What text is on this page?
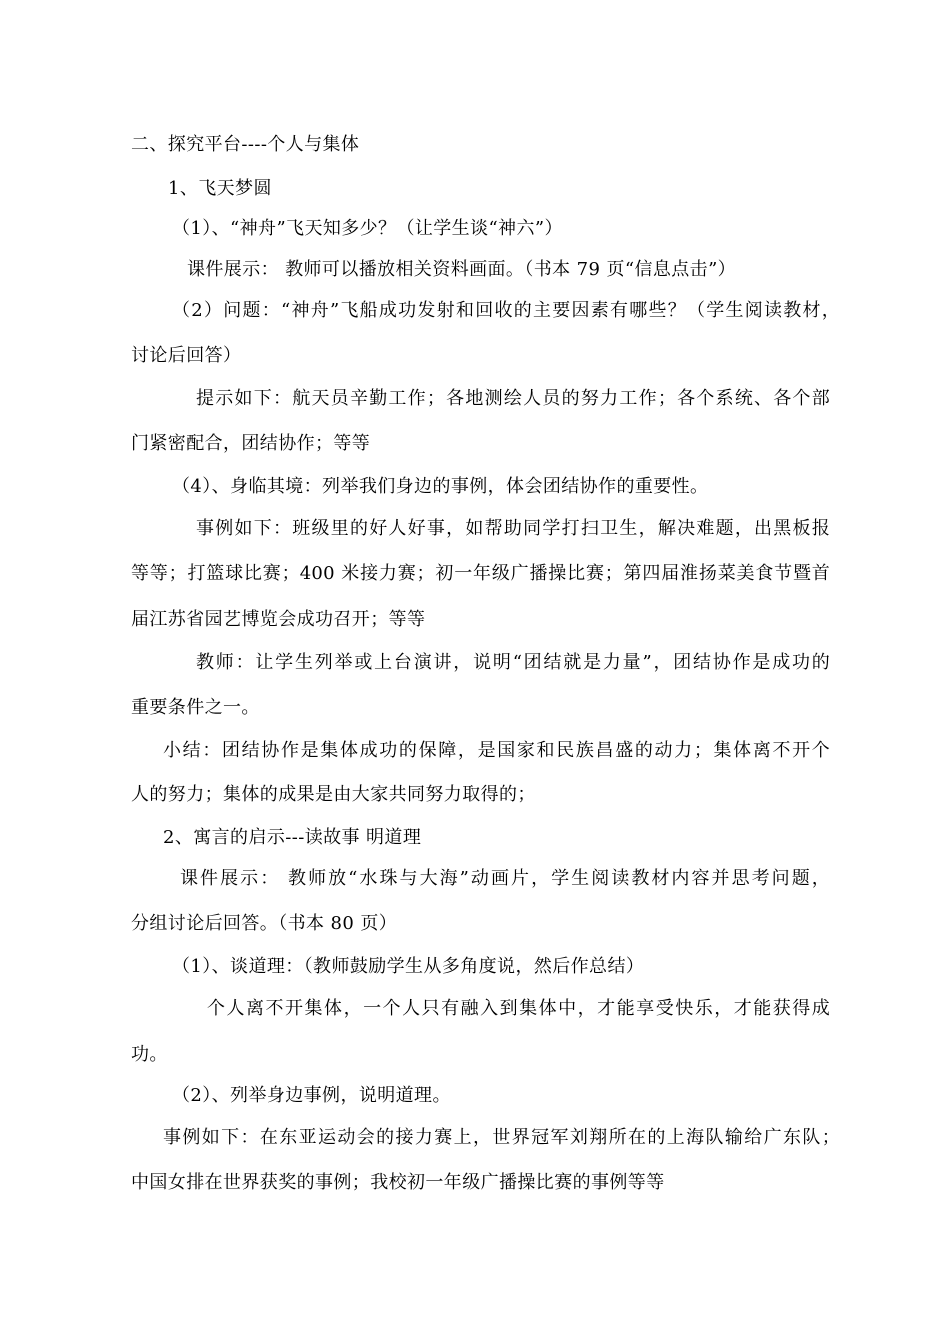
二、探究平台----个人与集体
1、飞天梦圆
（1）、“神舟”飞天知多少？（让学生谈“神六”）
课件展示： 教师可以播放相关资料画面。（书本 79 页“信息点击”）
（2）问题：“神舟”飞船成功发射和回收的主要因素有哪些？（学生阅读教材，
讨论后回答）
提示如下：航天员辛勤工作；各地测绘人员的努力工作；各个系统、各个部
门紧密配合，团结协作；等等
（4）、身临其境：列举我们身边的事例，体会团结协作的重要性。
事例如下：班级里的好人好事，如帮助同学打扫卫生，解决难题，出黑板报
等等；打篮球比赛；400 米接力赛；初一年级广播操比赛；第四届淮扬菜美食节暨首
届江苏省园艺博览会成功召开；等等
教师：让学生列举或上台演讲，说明“团结就是力量”，团结协作是成功的
重要条件之一。
小结：团结协作是集体成功的保障，是国家和民族昌盛的动力；集体离不开个
人的努力；集体的成果是由大家共同努力取得的；
2、寓言的启示---读故事 明道理
课件展示： 教师放“水珠与大海”动画片，学生阅读教材内容并思考问题，
分组讨论后回答。（书本 80 页）
（1）、谈道理：（教师鼓励学生从多角度说，然后作总结）
个人离不开集体，一个人只有融入到集体中，才能享受快乐，才能获得成
功。
（2）、列举身边事例，说明道理。
事例如下：在东亚运动会的接力赛上，世界冠军刘翔所在的上海队输给广东队；
中国女排在世界获奖的事例；我校初一年级广播操比赛的事例等等
